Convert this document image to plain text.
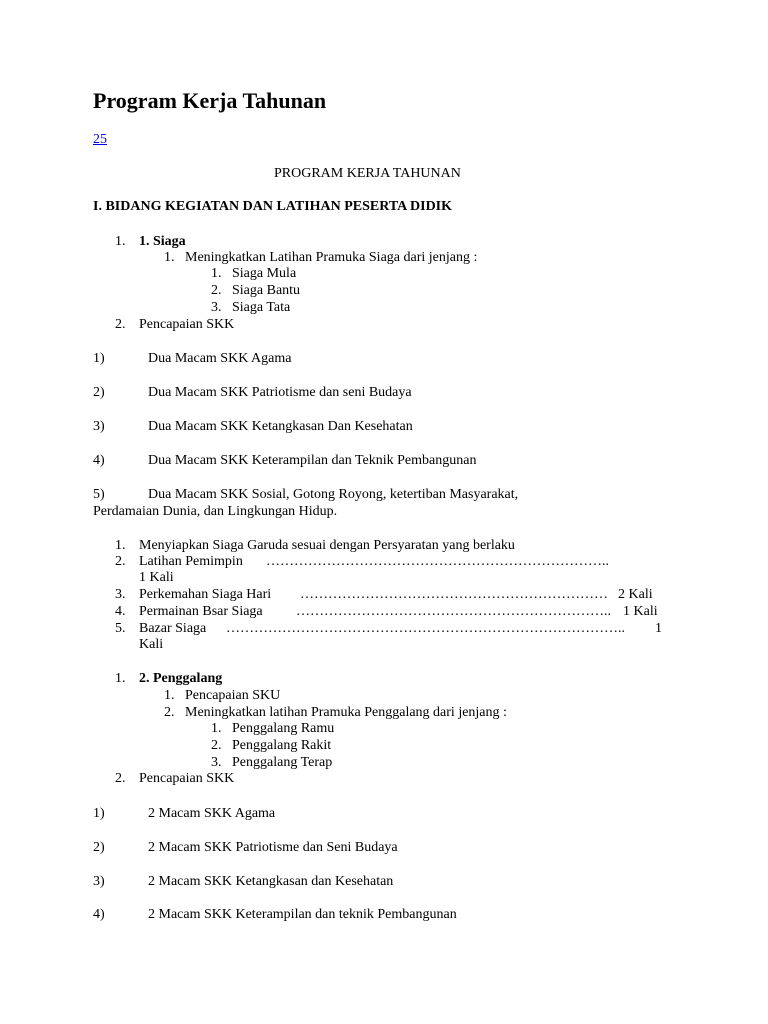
Program Kerja Tahunan
25
PROGRAM KERJA TAHUNAN
I. BIDANG KEGIATAN DAN LATIHAN PESERTA DIDIK
1. 1. Siaga
1. Meningkatkan Latihan Pramuka Siaga dari jenjang :
1. Siaga Mula
2. Siaga Bantu
3. Siaga Tata
2. Pencapaian SKK
1)	Dua Macam SKK Agama
2)	Dua Macam SKK Patriotisme dan seni Budaya
3)	Dua Macam SKK Ketangkasan Dan Kesehatan
4)	Dua Macam SKK Keterampilan dan Teknik Pembangunan
5)	Dua Macam SKK Sosial, Gotong Royong, ketertiban Masyarakat,
Perdamaian Dunia, dan Lingkungan Hidup.
1. Menyiapkan Siaga Garuda sesuai dengan Persyaratan yang berlaku
2. Latihan Pemimpin ………………………………………………………………..
1 Kali
3. Perkemahan Siaga Hari ………………………………………………………… 2 Kali
4. Permainan Bsar Siaga ………………………………………………………….. 1 Kali
5. Bazar Siaga …………………………………………………………………………..	1
Kali
1. 2. Penggalang
1. Pencapaian SKU
2. Meningkatkan latihan Pramuka Penggalang dari jenjang :
1. Penggalang Ramu
2. Penggalang Rakit
3. Penggalang Terap
2. Pencapaian SKK
1)	2 Macam SKK Agama
2)	2 Macam SKK Patriotisme dan Seni Budaya
3)	2 Macam SKK Ketangkasan dan Kesehatan
4)	2 Macam SKK Keterampilan dan teknik Pembangunan
